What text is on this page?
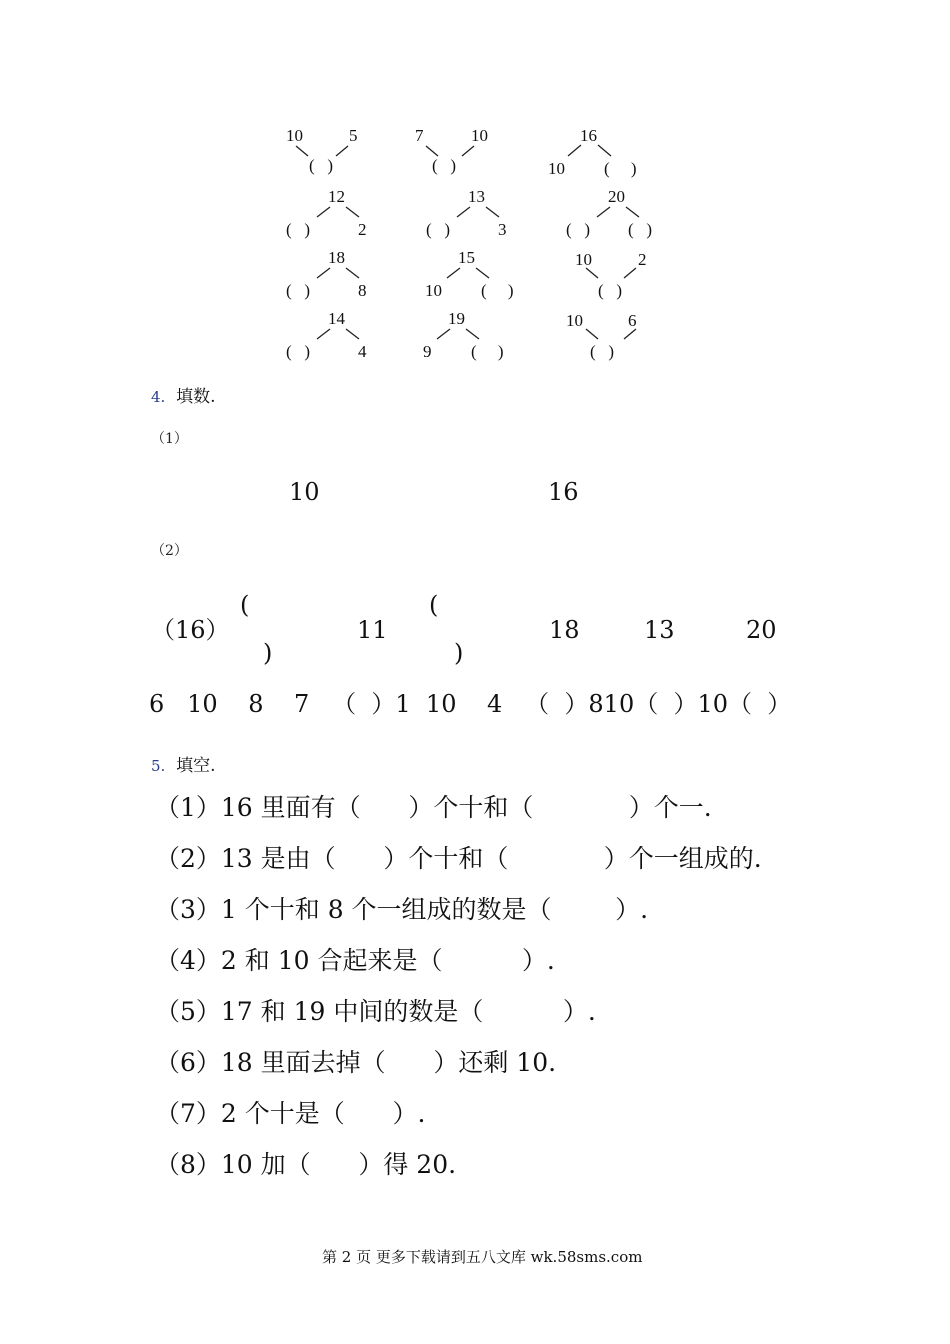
10	5
( )
7	10
( )
16
10 ( )
12
( )	2
13
( )	3
20
( ) ( )
18
( )	8
15
10 ( )
10	2
( )
14
( )	4
19
9 ( )
10	6
( )
4. 填数.
（1）
10	16
（2）
（16）
(
)
11
(
)
18	13	20
6   10    8    7   （  ）1  10    4   （  ）810（  ）10（  ）
5. 填空.
（1）16 里面有（      ）个十和（            ）个一.
（2）13 是由（      ）个十和（            ）个一组成的.
（3）1 个十和 8 个一组成的数是（        ）.
（4）2 和 10 合起来是（          ）.
（5）17 和 19 中间的数是（          ）.
（6）18 里面去掉（      ）还剩 10.
（7）2 个十是（      ）.
（8）10 加（      ）得 20.
第 2 页 更多下载请到五八文库 wk.58sms.com
